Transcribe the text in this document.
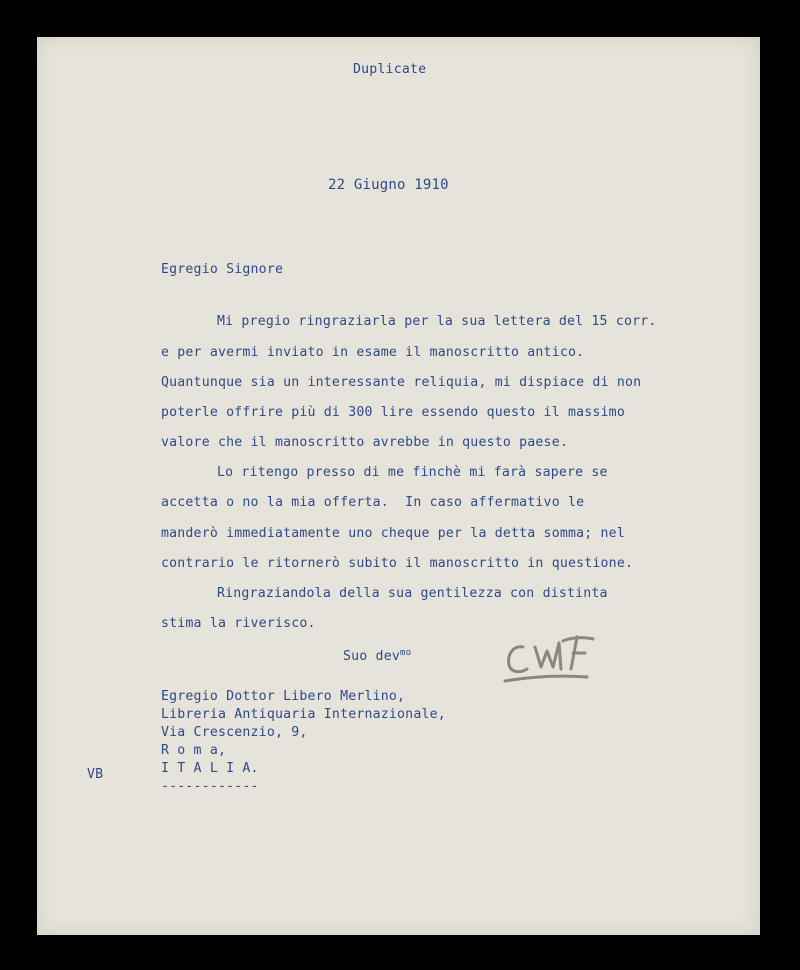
Duplicate
22 Giugno 1910
Egregio Signore
Mi pregio ringraziarla per la sua lettera del 15 corr.
e per avermi inviato in esame il manoscritto antico.
Quantunque sia un interessante reliquia, mi dispiace di non
poterle offrire più di 300 lire essendo questo il massimo
valore che il manoscritto avrebbe in questo paese.
Lo ritengo presso di me finchè mi farà sapere se
accetta o no la mia offerta.  In caso affermativo le
manderò immediatamente uno cheque per la detta somma; nel
contrario le ritornerò subito il manoscritto in questione.
Ringraziandola della sua gentilezza con distinta
stima la riverisco.
Suo dev$^{mo}$
Egregio Dottor Libero Merlino,
Libreria Antiquaria Internazionale,
Via Crescenzio, 9,
R o m a,
I T A L I A.
------------
VB
